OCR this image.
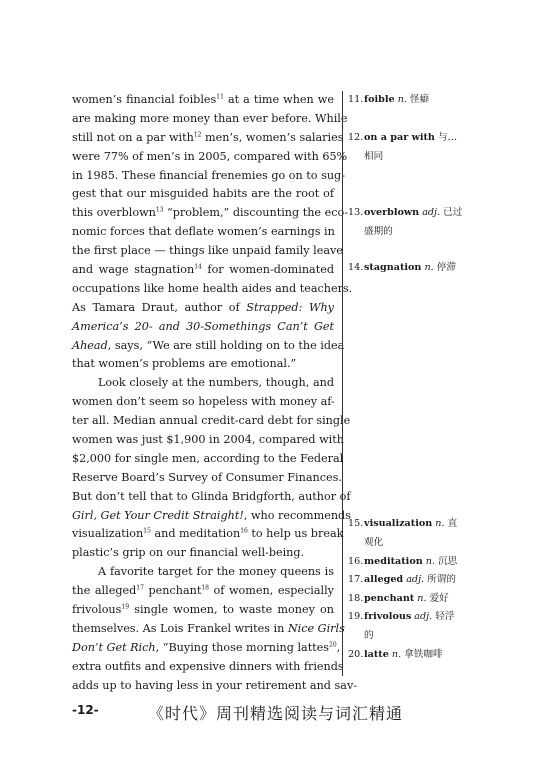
women’s financial foibles$^{11}$ at a time when we
are making more money than ever before. While
still not on a par with$^{12}$ men’s, women’s salaries
were 77% of men’s in 2005, compared with 65%
in 1985. These financial frenemies go on to sug-
gest that our misguided habits are the root of
this overblown$^{13}$ “problem,” discounting the eco-
nomic forces that deflate women’s earnings in
the first place — things like unpaid family leave
and wage stagnation$^{14}$ for women-dominated
occupations like home health aides and teachers.
As Tamara Draut, author of Strapped: Why
America’s 20- and 30-Somethings Can’t Get
Ahead, says, “We are still holding on to the idea
that women’s problems are emotional.”
Look closely at the numbers, though, and
women don’t seem so hopeless with money af-
ter all. Median annual credit-card debt for single
women was just $1,900 in 2004, compared with
$2,000 for single men, according to the Federal
Reserve Board’s Survey of Consumer Finances.
But don’t tell that to Glinda Bridgforth, author of
Girl, Get Your Credit Straight!, who recommends
visualization$^{15}$ and meditation$^{16}$ to help us break
plastic’s grip on our financial well-being.
A favorite target for the money queens is
the alleged$^{17}$ penchant$^{18}$ of women, especially
frivolous$^{19}$ single women, to waste money on
themselves. As Lois Frankel writes in Nice Girls
Don’t Get Rich, “Buying those morning lattes$^{20}$,
extra outfits and expensive dinners with friends
adds up to having less in your retirement and sav-
11.foible n. 怪癖
12.on a par with 与…
相同
13.overblown adj. 已过
盛期的
14.stagnation n. 停滞
15.visualization n. 直
观化
16.meditation n. 沉思
17.alleged adj. 所谓的
18.penchant n. 爱好
19.frivolous adj. 轻浮
的
20.latte n. 拿铁咖啡
-12-	《时代》周刊精选阅读与词汇精通
